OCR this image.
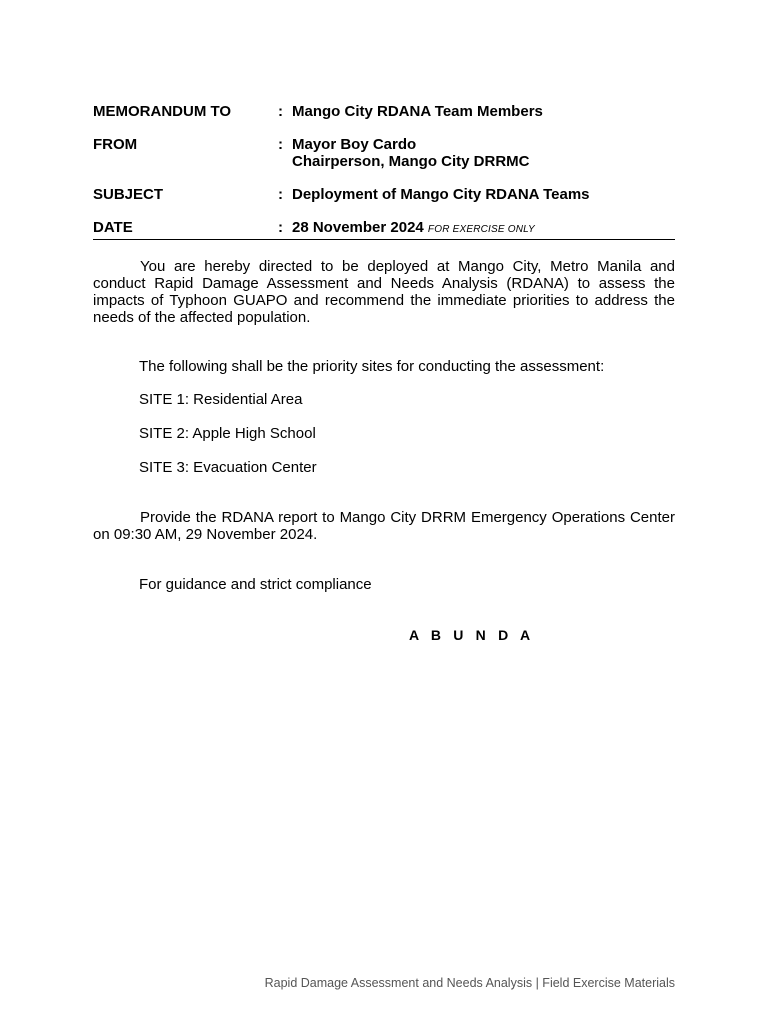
MEMORANDUM TO	: Mango City RDANA Team Members
FROM	: Mayor Boy Cardo
Chairperson, Mango City DRRMC
SUBJECT	: Deployment of Mango City RDANA Teams
DATE	: 28 November 2024 FOR EXERCISE ONLY
You are hereby directed to be deployed at Mango City, Metro Manila and conduct Rapid Damage Assessment and Needs Analysis (RDANA) to assess the impacts of Typhoon GUAPO and recommend the immediate priorities to address the needs of the affected population.
The following shall be the priority sites for conducting the assessment:
SITE 1: Residential Area
SITE 2: Apple High School
SITE 3: Evacuation Center
Provide the RDANA report to Mango City DRRM Emergency Operations Center on 09:30 AM, 29 November 2024.
For guidance and strict compliance
A B U N D A
Rapid Damage Assessment and Needs Analysis | Field Exercise Materials
